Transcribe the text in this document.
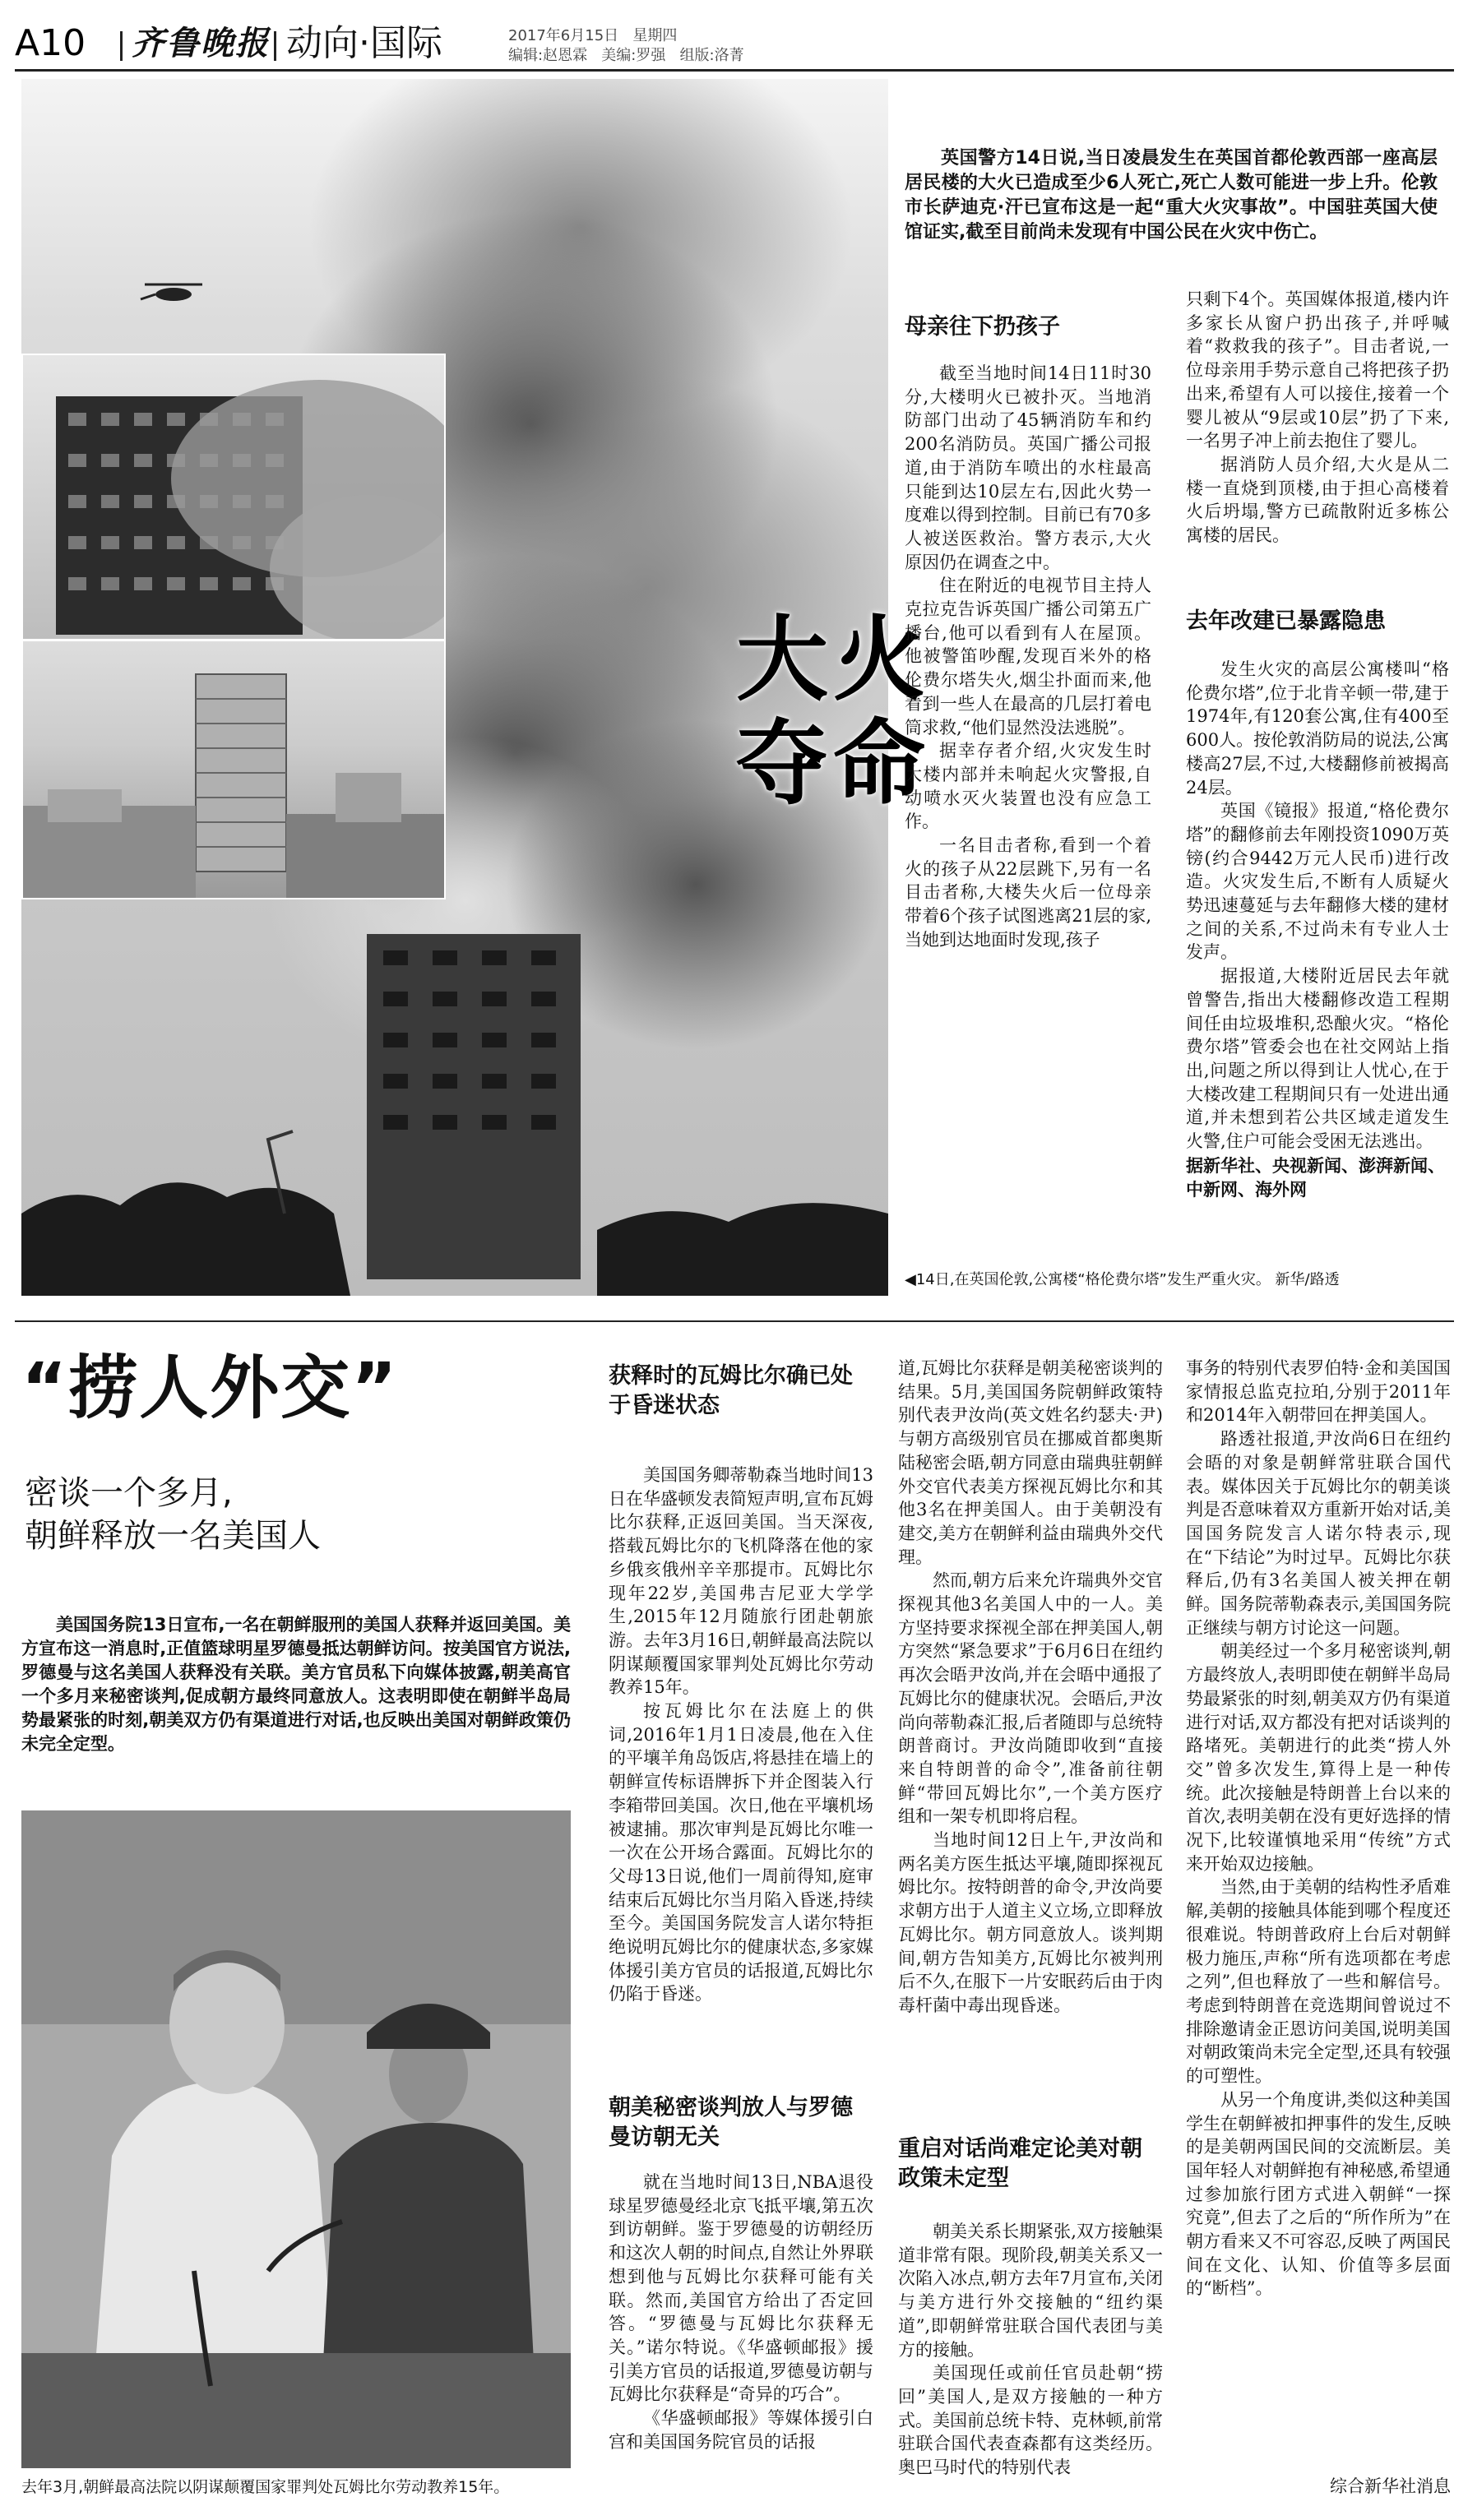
A10 齐鲁晚报 动向·国际	2017年6月15日 星期四
编辑:赵恩霖 美编:罗强 组版:洛菁
大火
夺命
英国警方14日说,当日凌晨发生在英国首都伦敦西部一座高层居民楼的大火已造成至少6人死亡,死亡人数可能进一步上升。伦敦市长萨迪克·汗已宣布这是一起“重大火灾事故”。中国驻英国大使馆证实,截至目前尚未发现有中国公民在火灾中伤亡。
母亲往下扔孩子

截至当地时间14日11时30分,大楼明火已被扑灭。当地消防部门出动了45辆消防车和约200名消防员。英国广播公司报道,由于消防车喷出的水柱最高只能到达10层左右,因此火势一度难以得到控制。目前已有70多人被送医救治。警方表示,大火原因仍在调查之中。

住在附近的电视节目主持人克拉克告诉英国广播公司第五广播台,他可以看到有人在屋顶。他被警笛吵醒,发现百米外的格伦费尔塔失火,烟尘扑面而来,他看到一些人在最高的几层打着电筒求救,“他们显然没法逃脱”。

据幸存者介绍,火灾发生时大楼内部并未响起火灾警报,自动喷水灭火装置也没有应急工作。

一名目击者称,看到一个着火的孩子从22层跳下,另有一名目击者称,大楼失火后一位母亲带着6个孩子试图逃离21层的家,当她到达地面时发现,孩子

只剩下4个。英国媒体报道,楼内许多家长从窗户扔出孩子,并呼喊着“救救我的孩子”。目击者说,一位母亲用手势示意自己将把孩子扔出来,希望有人可以接住,接着一个婴儿被从“9层或10层”扔了下来,一名男子冲上前去抱住了婴儿。

据消防人员介绍,大火是从二楼一直烧到顶楼,由于担心高楼着火后坍塌,警方已疏散附近多栋公寓楼的居民。

去年改建已暴露隐患

发生火灾的高层公寓楼叫“格伦费尔塔”,位于北肯辛顿一带,建于1974年,有120套公寓,住有400至600人。按伦敦消防局的说法,公寓楼高27层,不过,大楼翻修前被揭高24层。

英国《镜报》报道,“格伦费尔塔”的翻修前去年刚投资1090万英镑(约合9442万元人民币)进行改造。火灾发生后,不断有人质疑火势迅速蔓延与去年翻修大楼的建材之间的关系,不过尚未有专业人士发声。

据报道,大楼附近居民去年就曾警告,指出大楼翻修改造工程期间任由垃圾堆积,恐酿火灾。“格伦费尔塔”管委会也在社交网站上指出,问题之所以得到让人忧心,在于大楼改建工程期间只有一处进出通道,并未想到若公共区域走道发生火警,住户可能会受困无法逃出。

据新华社、央视新闻、澎湃新闻、中新网、海外网
◀14日,在英国伦敦,公寓楼“格伦费尔塔”发生严重火灾。 新华/路透
“捞人外交”
密谈一个多月,
朝鲜释放一名美国人
美国国务院13日宣布,一名在朝鲜服刑的美国人获释并返回美国。美方宣布这一消息时,正值篮球明星罗德曼抵达朝鲜访问。按美国官方说法,罗德曼与这名美国人获释没有关联。美方官员私下向媒体披露,朝美高官一个多月来秘密谈判,促成朝方最终同意放人。这表明即使在朝鲜半岛局势最紧张的时刻,朝美双方仍有渠道进行对话,也反映出美国对朝鲜政策仍未完全定型。
去年3月,朝鲜最高法院以阴谋颠覆国家罪判处瓦姆比尔劳动教养15年。
获释时的瓦姆比尔确已处于昏迷状态

美国国务卿蒂勒森当地时间13日在华盛顿发表简短声明,宣布瓦姆比尔获释,正返回美国。当天深夜,搭载瓦姆比尔的飞机降落在他的家乡俄亥俄州辛辛那提市。瓦姆比尔现年22岁,美国弗吉尼亚大学学生,2015年12月随旅行团赴朝旅游。去年3月16日,朝鲜最高法院以阴谋颠覆国家罪判处瓦姆比尔劳动教养15年。

按瓦姆比尔在法庭上的供词,2016年1月1日凌晨,他在入住的平壤羊角岛饭店,将悬挂在墙上的朝鲜宣传标语牌拆下并企图装入行李箱带回美国。次日,他在平壤机场被逮捕。那次审判是瓦姆比尔唯一一次在公开场合露面。瓦姆比尔的父母13日说,他们一周前得知,庭审结束后瓦姆比尔当月陷入昏迷,持续至今。美国国务院发言人诺尔特拒绝说明瓦姆比尔的健康状态,多家媒体援引美方官员的话报道,瓦姆比尔仍陷于昏迷。

朝美秘密谈判放人与罗德曼访朝无关

就在当地时间13日,NBA退役球星罗德曼经北京飞抵平壤,第五次到访朝鲜。鉴于罗德曼的访朝经历和这次人朝的时间点,自然让外界联想到他与瓦姆比尔获释可能有关联。然而,美国官方给出了否定回答。“罗德曼与瓦姆比尔获释无关。”诺尔特说。《华盛顿邮报》援引美方官员的话报道,罗德曼访朝与瓦姆比尔获释是“奇异的巧合”。

《华盛顿邮报》等媒体援引白宫和美国国务院官员的话报

道,瓦姆比尔获释是朝美秘密谈判的结果。5月,美国国务院朝鲜政策特别代表尹汝尚(英文姓名约瑟夫·尹)与朝方高级别官员在挪威首都奥斯陆秘密会晤,朝方同意由瑞典驻朝鲜外交官代表美方探视瓦姆比尔和其他3名在押美国人。由于美朝没有建交,美方在朝鲜利益由瑞典外交代理。

然而,朝方后来允许瑞典外交官探视其他3名美国人中的一人。美方坚持要求探视全部在押美国人,朝方突然“紧急要求”于6月6日在纽约再次会晤尹汝尚,并在会晤中通报了瓦姆比尔的健康状况。会晤后,尹汝尚向蒂勒森汇报,后者随即与总统特朗普商讨。尹汝尚随即收到“直接来自特朗普的命令”,准备前往朝鲜“带回瓦姆比尔”,一个美方医疗组和一架专机即将启程。

当地时间12日上午,尹汝尚和两名美方医生抵达平壤,随即探视瓦姆比尔。按特朗普的命令,尹汝尚要求朝方出于人道主义立场,立即释放瓦姆比尔。朝方同意放人。谈判期间,朝方告知美方,瓦姆比尔被判刑后不久,在服下一片安眠药后由于肉毒杆菌中毒出现昏迷。

重启对话尚难定论美对朝政策未定型

朝美关系长期紧张,双方接触渠道非常有限。现阶段,朝美关系又一次陷入冰点,朝方去年7月宣布,关闭与美方进行外交接触的“纽约渠道”,即朝鲜常驻联合国代表团与美方的接触。

美国现任或前任官员赴朝“捞回”美国人,是双方接触的一种方式。美国前总统卡特、克林顿,前常驻联合国代表查森都有这类经历。奥巴马时代的特别代表

事务的特别代表罗伯特·金和美国国家情报总监克拉珀,分别于2011年和2014年入朝带回在押美国人。

路透社报道,尹汝尚6日在纽约会晤的对象是朝鲜常驻联合国代表。媒体因关于瓦姆比尔的朝美谈判是否意味着双方重新开始对话,美国国务院发言人诺尔特表示,现在“下结论”为时过早。瓦姆比尔获释后,仍有3名美国人被关押在朝鲜。国务院蒂勒森表示,美国国务院正继续与朝方讨论这一问题。

朝美经过一个多月秘密谈判,朝方最终放人,表明即使在朝鲜半岛局势最紧张的时刻,朝美双方仍有渠道进行对话,双方都没有把对话谈判的路堵死。美朝进行的此类“捞人外交”曾多次发生,算得上是一种传统。此次接触是特朗普上台以来的首次,表明美朝在没有更好选择的情况下,比较谨慎地采用“传统”方式来开始双边接触。

当然,由于美朝的结构性矛盾难解,美朝的接触具体能到哪个程度还很难说。特朗普政府上台后对朝鲜极力施压,声称“所有选项都在考虑之列”,但也释放了一些和解信号。考虑到特朗普在竞选期间曾说过不排除邀请金正恩访问美国,说明美国对朝政策尚未完全定型,还具有较强的可塑性。

从另一个角度讲,类似这种美国学生在朝鲜被扣押事件的发生,反映的是美朝两国民间的交流断层。美国年轻人对朝鲜抱有神秘感,希望通过参加旅行团方式进入朝鲜“一探究竟”,但去了之后的“所作所为”在朝方看来又不可容忍,反映了两国民间在文化、认知、价值等多层面的“断档”。

综合新华社消息
